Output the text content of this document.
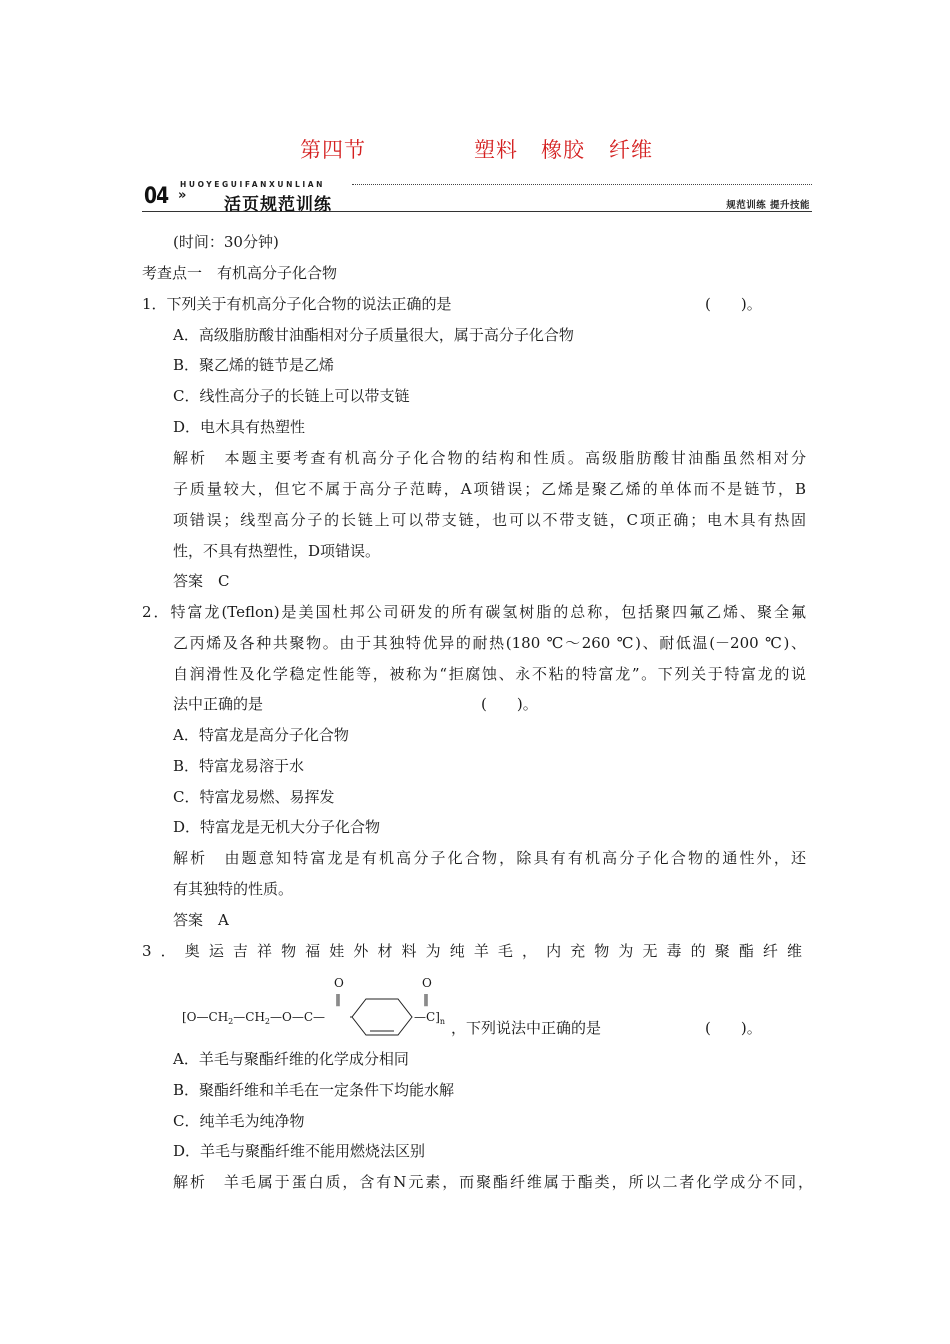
第四节	塑料 橡胶 纤维
04 »
HUOYEGUIFANXUNLIAN
活页规范训练	规范训练 提升技能
(时间：30分钟)
考查点一　有机高分子化合物
1．下列关于有机高分子化合物的说法正确的是	(　　)。
A．高级脂肪酸甘油酯相对分子质量很大，属于高分子化合物
B．聚乙烯的链节是乙烯
C．线性高分子的长链上可以带支链
D．电木具有热塑性
解析　本题主要考查有机高分子化合物的结构和性质。高级脂肪酸甘油酯虽然相对分
子质量较大，但它不属于高分子范畴，A项错误；乙烯是聚乙烯的单体而不是链节，B
项错误；线型高分子的长链上可以带支链，也可以不带支链，C项正确；电木具有热固
性，不具有热塑性，D项错误。
答案　C
2．特富龙(Teflon)是美国杜邦公司研发的所有碳氢树脂的总称，包括聚四氟乙烯、聚全氟
乙丙烯及各种共聚物。由于其独特优异的耐热(180 ℃～260 ℃)、耐低温(－200 ℃)、
自润滑性及化学稳定性能等，被称为“拒腐蚀、永不粘的特富龙”。下列关于特富龙的说
法中正确的是	(　　)。
A．特富龙是高分子化合物
B．特富龙易溶于水
C．特富龙易燃、易挥发
D．特富龙是无机大分子化合物
解析　由题意知特富龙是有机高分子化合物，除具有有机高分子化合物的通性外，还
有其独特的性质。
答案　A
3．奥运吉祥物福娃外材料为纯羊毛，内充物为无毒的聚酯纤维
O	O
‖	‖
[$O—CH_2—CH_2—O—C—$	$—C]_n$ ，下列说法中正确的是	(　　)。
A．羊毛与聚酯纤维的化学成分相同
B．聚酯纤维和羊毛在一定条件下均能水解
C．纯羊毛为纯净物
D．羊毛与聚酯纤维不能用燃烧法区别
解析　羊毛属于蛋白质，含有N元素，而聚酯纤维属于酯类，所以二者化学成分不同，
